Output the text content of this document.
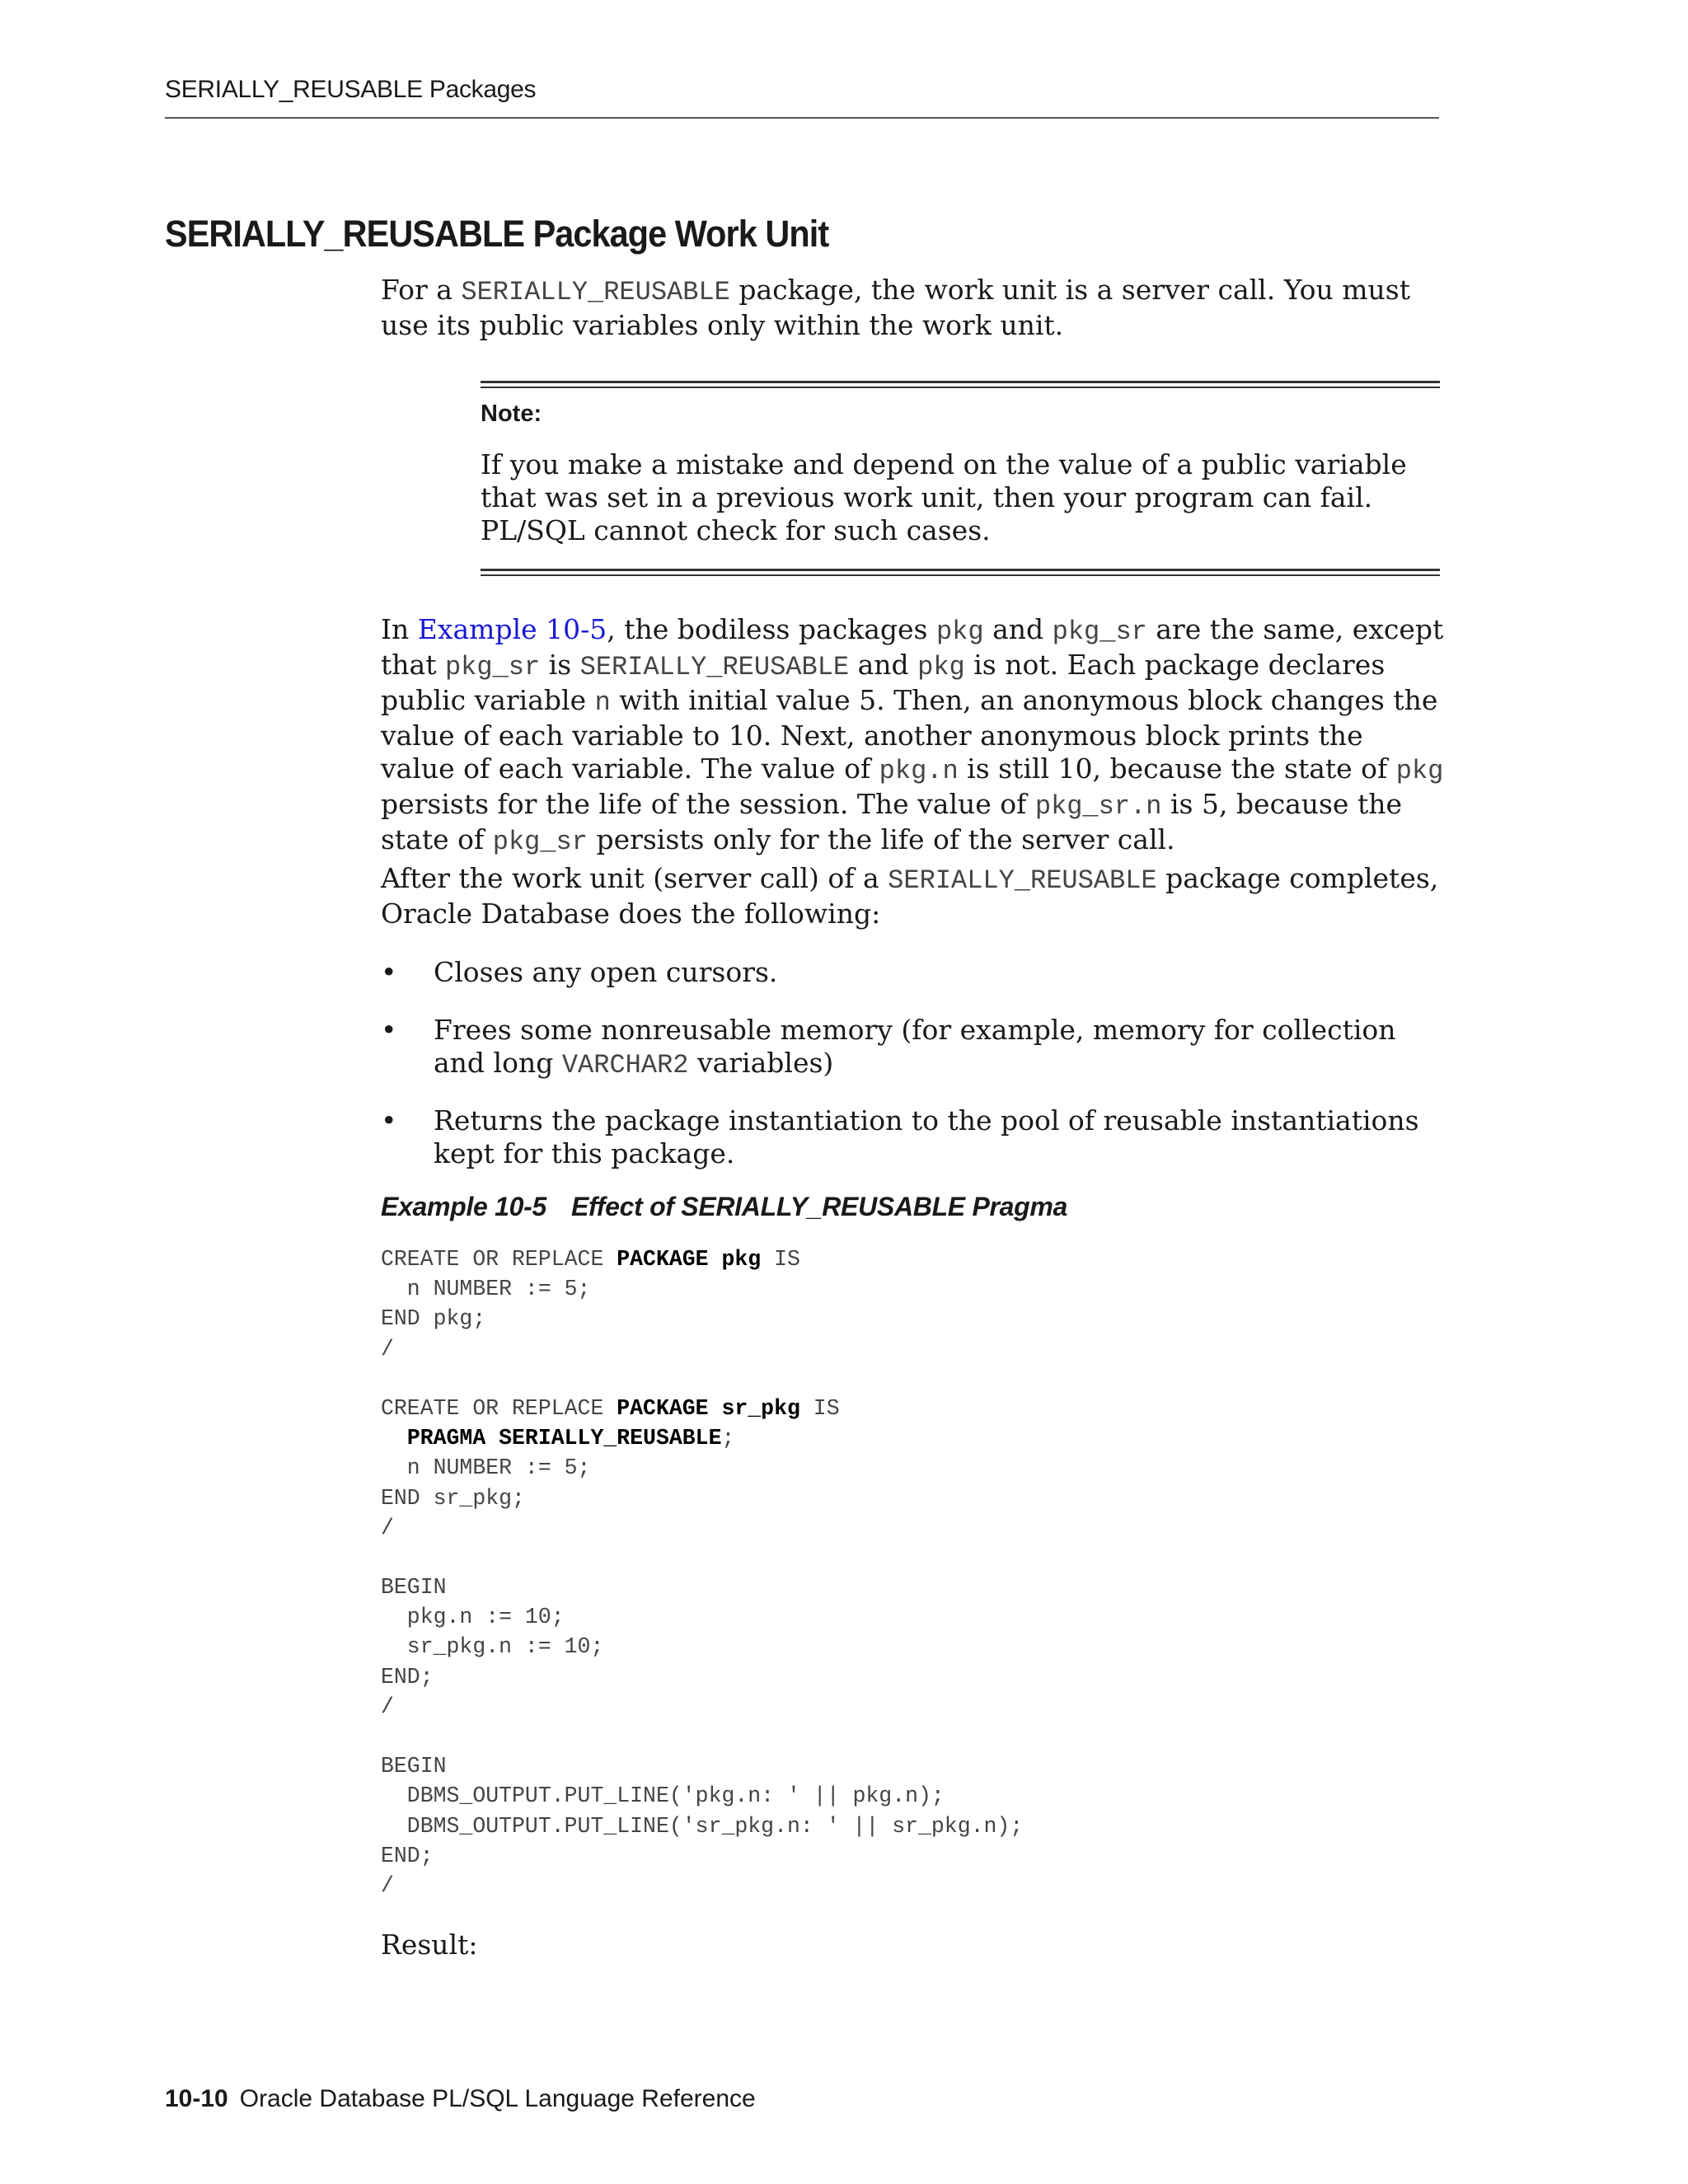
SERIALLY_REUSABLE Packages
SERIALLY_REUSABLE Package Work Unit
For a SERIALLY_REUSABLE package, the work unit is a server call. You must use its public variables only within the work unit.
Note:
If you make a mistake and depend on the value of a public variable that was set in a previous work unit, then your program can fail. PL/SQL cannot check for such cases.
In Example 10-5, the bodiless packages pkg and pkg_sr are the same, except that pkg_sr is SERIALLY_REUSABLE and pkg is not. Each package declares public variable n with initial value 5. Then, an anonymous block changes the value of each variable to 10. Next, another anonymous block prints the value of each variable. The value of pkg.n is still 10, because the state of pkg persists for the life of the session. The value of pkg_sr.n is 5, because the state of pkg_sr persists only for the life of the server call.
After the work unit (server call) of a SERIALLY_REUSABLE package completes, Oracle Database does the following:
• Closes any open cursors.
• Frees some nonreusable memory (for example, memory for collection and long VARCHAR2 variables)
• Returns the package instantiation to the pool of reusable instantiations kept for this package.
Example 10-5 Effect of SERIALLY_REUSABLE Pragma
CREATE OR REPLACE PACKAGE pkg IS
n NUMBER := 5;
END pkg;
/
CREATE OR REPLACE PACKAGE sr_pkg IS
PRAGMA SERIALLY_REUSABLE;
n NUMBER := 5;
END sr_pkg;
/
BEGIN
pkg.n := 10;
sr_pkg.n := 10;
END;
/
BEGIN
DBMS_OUTPUT.PUT_LINE('pkg.n: ' || pkg.n);
DBMS_OUTPUT.PUT_LINE('sr_pkg.n: ' || sr_pkg.n);
END;
/
Result:
10-10 Oracle Database PL/SQL Language Reference
